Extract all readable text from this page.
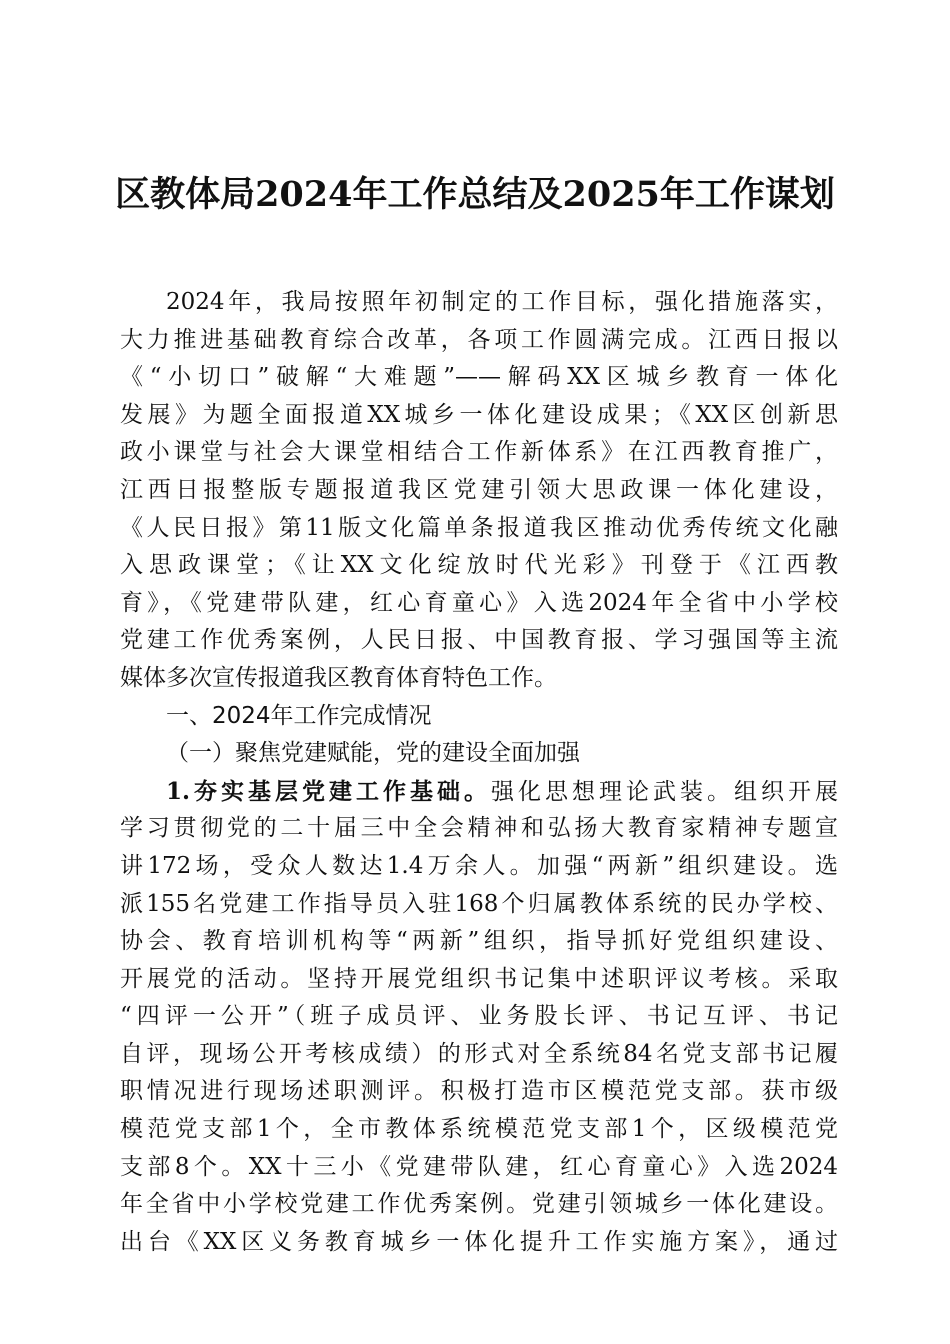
区教体局2024年工作总结及2025年工作谋划
2024年，我局按照年初制定的工作目标，强化措施落实，
大力推进基础教育综合改革，各项工作圆满完成。江西日报以
《“小切口”破解“大难题”——解码XX区城乡教育一体化
发展》为题全面报道XX城乡一体化建设成果；《XX区创新思
政小课堂与社会大课堂相结合工作新体系》在江西教育推广，
江西日报整版专题报道我区党建引领大思政课一体化建设，
《人民日报》第11版文化篇单条报道我区推动优秀传统文化融
入思政课堂；《让XX文化绽放时代光彩》刊登于《江西教
育》，《党建带队建，红心育童心》入选2024年全省中小学校
党建工作优秀案例，人民日报、中国教育报、学习强国等主流
媒体多次宣传报道我区教育体育特色工作。
一、2024年工作完成情况
（一）聚焦党建赋能，党的建设全面加强
1.夯实基层党建工作基础。强化思想理论武装。组织开展
学习贯彻党的二十届三中全会精神和弘扬大教育家精神专题宣
讲172场，受众人数达1.4万余人。加强“两新”组织建设。选
派155名党建工作指导员入驻168个归属教体系统的民办学校、
协会、教育培训机构等“两新”组织，指导抓好党组织建设、
开展党的活动。坚持开展党组织书记集中述职评议考核。采取
“四评一公开”（班子成员评、业务股长评、书记互评、书记
自评，现场公开考核成绩）的形式对全系统84名党支部书记履
职情况进行现场述职测评。积极打造市区模范党支部。获市级
模范党支部1个，全市教体系统模范党支部1个，区级模范党
支部8个。XX十三小《党建带队建，红心育童心》入选2024
年全省中小学校党建工作优秀案例。党建引领城乡一体化建设。
出台《XX区义务教育城乡一体化提升工作实施方案》，通过
